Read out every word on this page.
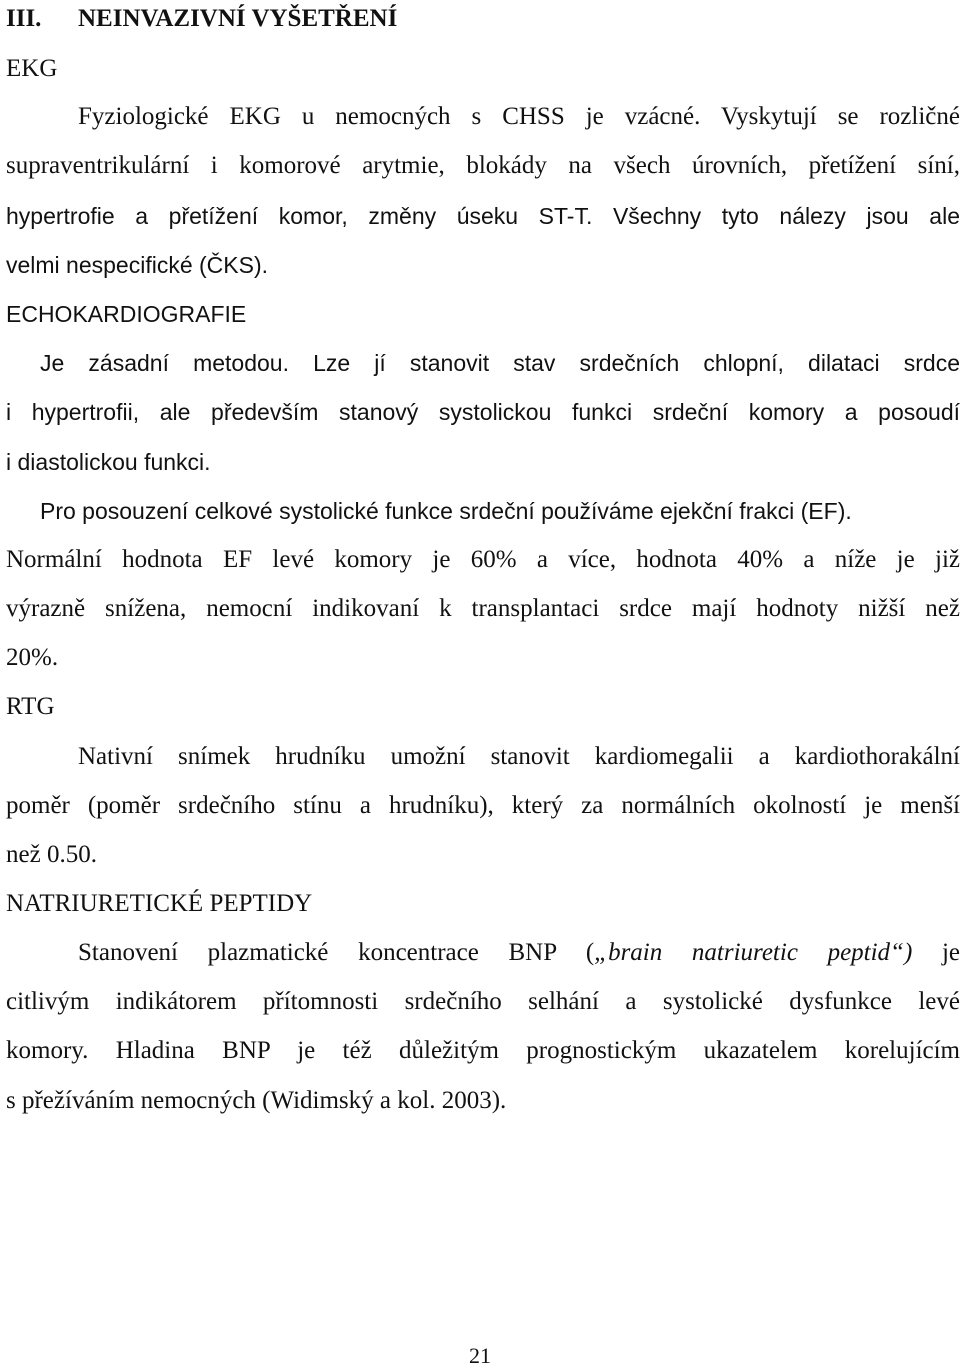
III. NEINVAZIVNÍ VYŠETŘENÍ
EKG
Fyziologické EKG u nemocných s CHSS je vzácné. Vyskytují se rozličné
supraventrikulární i komorové arytmie, blokády na všech úrovních, přetížení síní,
hypertrofie a přetížení komor, změny úseku ST-T. Všechny tyto nálezy jsou ale
velmi nespecifické (ČKS).
ECHOKARDIOGRAFIE
Je zásadní metodou. Lze jí stanovit stav srdečních chlopní, dilataci srdce
i hypertrofii, ale především stanový systolickou funkci srdeční komory a posoudí
i diastolickou funkci.
Pro posouzení celkové systolické funkce srdeční používáme ejekční frakci (EF).
Normální hodnota EF levé komory je 60% a více, hodnota 40% a níže je již
výrazně snížena, nemocní indikovaní k transplantaci srdce mají hodnoty nižší než
20%.
RTG
Nativní snímek hrudníku umožní stanovit kardiomegalii a kardiothorakální
poměr (poměr srdečního stínu a hrudníku), který za normálních okolností je menší
než 0.50.
NATRIURETICKÉ PEPTIDY
Stanovení plazmatické koncentrace BNP („brain natriuretic peptid“) je
citlivým indikátorem přítomnosti srdečního selhání a systolické dysfunkce levé
komory. Hladina BNP je též důležitým prognostickým ukazatelem korelujícím
s přežíváním nemocných (Widimský a kol. 2003).
21
